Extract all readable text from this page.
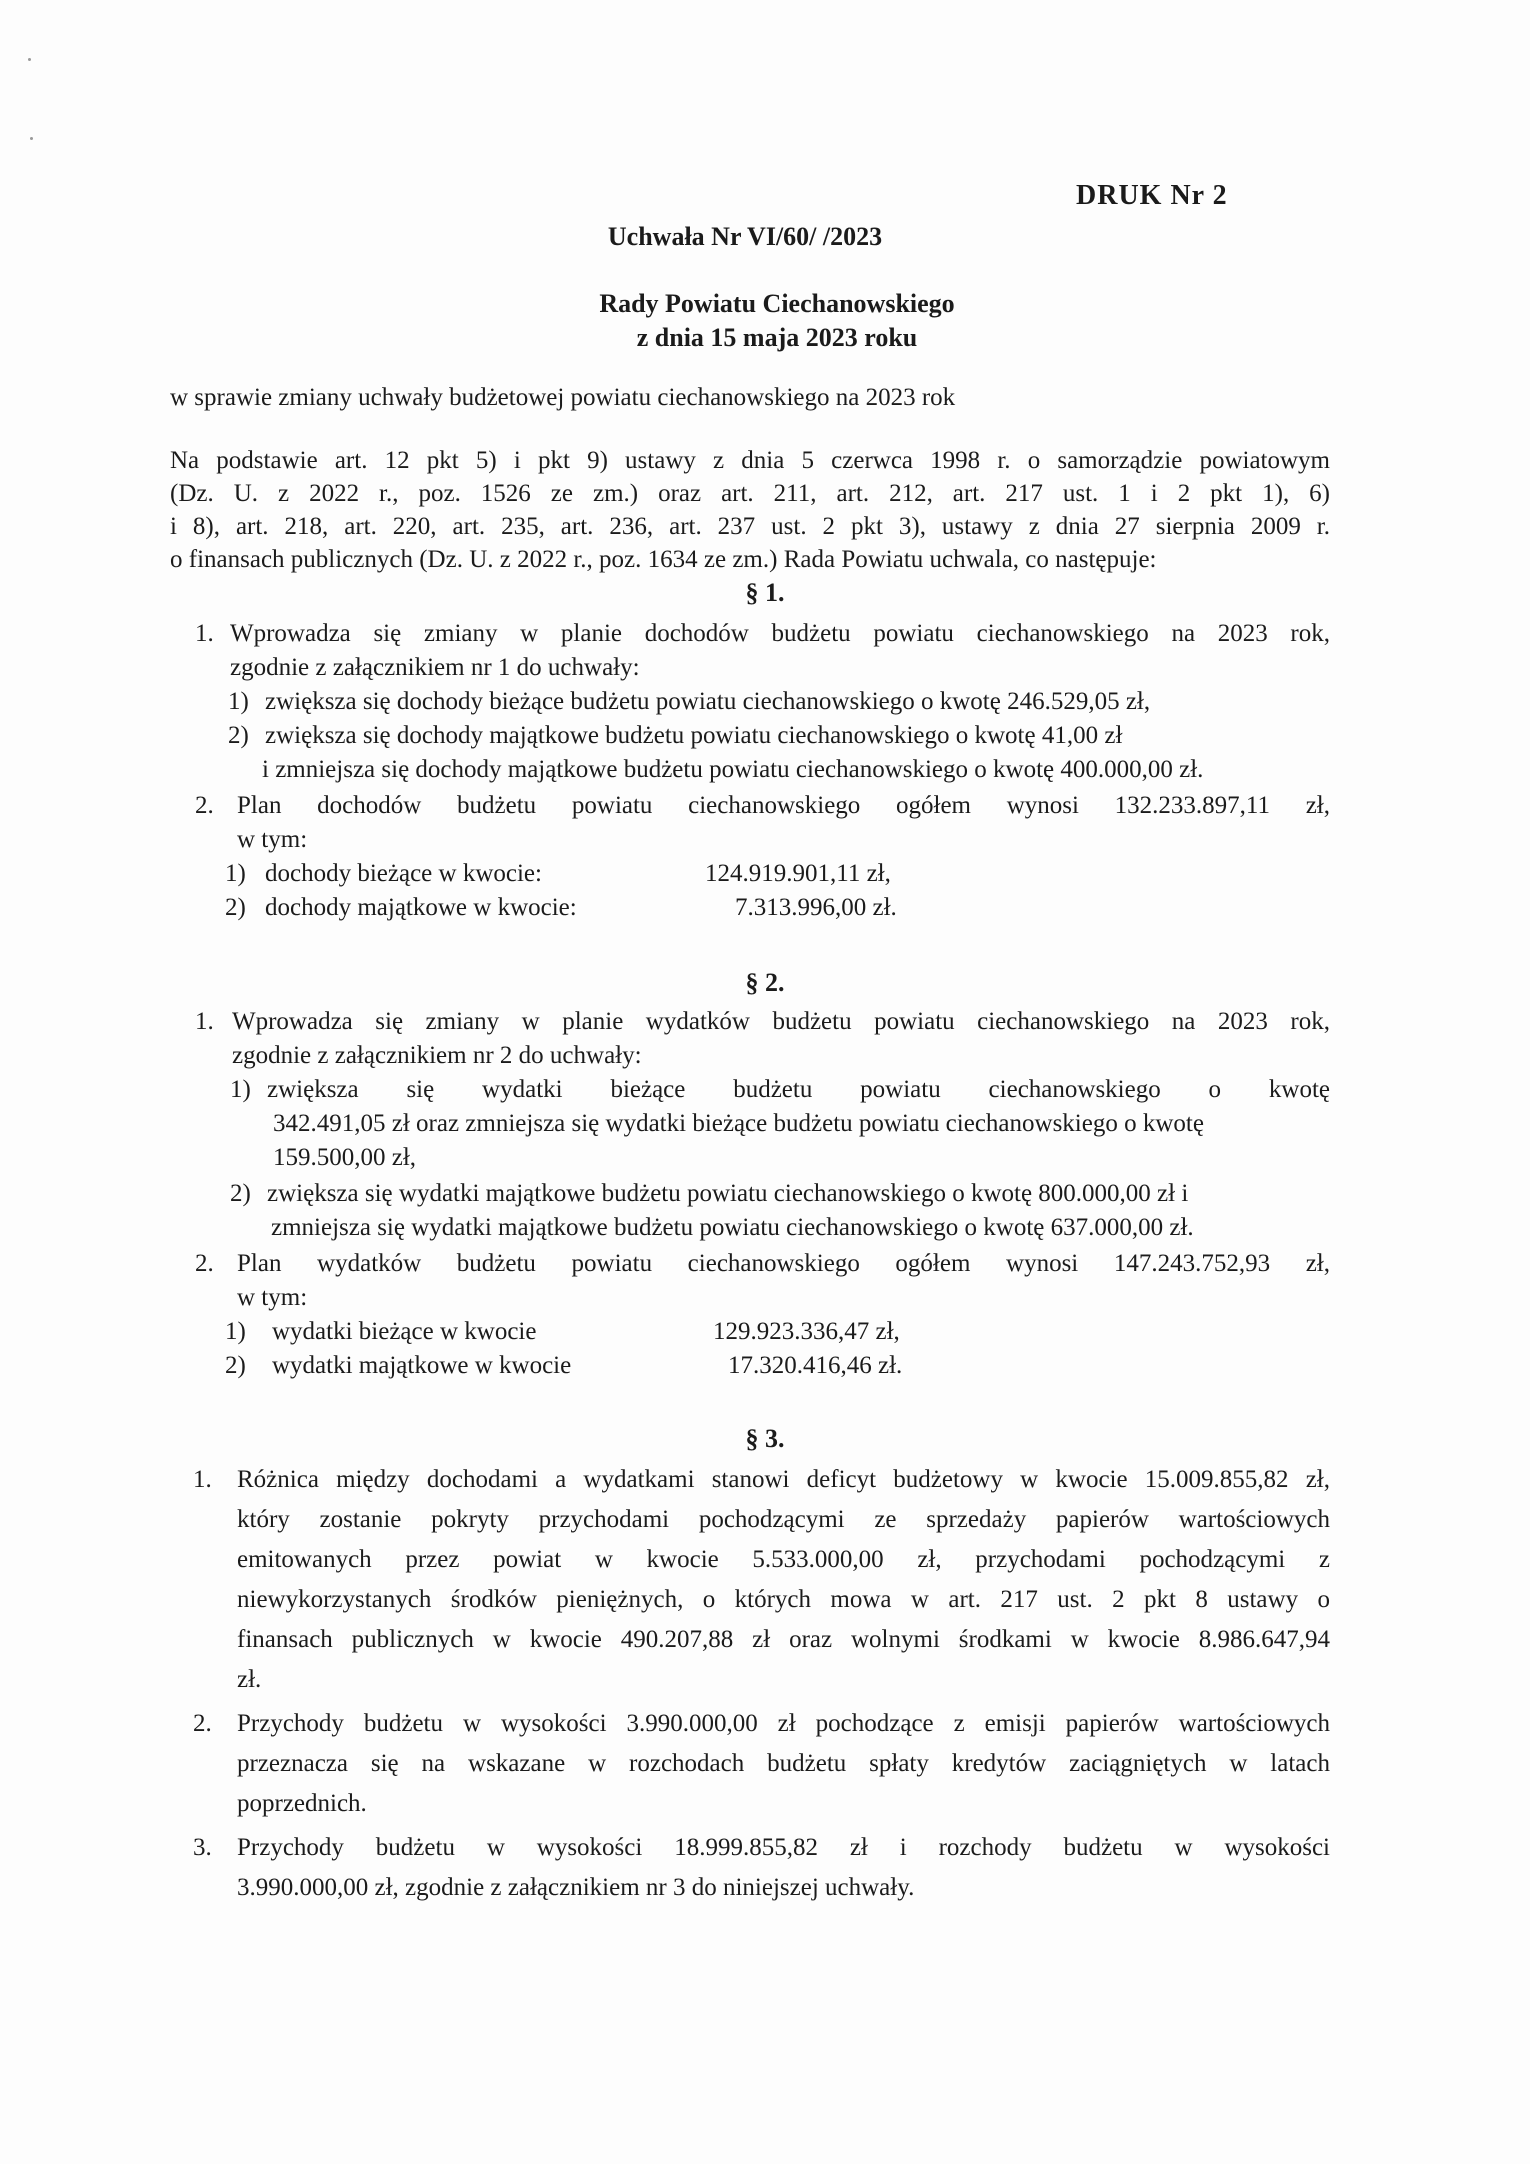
DRUK Nr 2
Uchwała Nr VI/60/ /2023
Rady Powiatu Ciechanowskiego
z dnia 15 maja 2023 roku
w sprawie zmiany uchwały budżetowej powiatu ciechanowskiego na 2023 rok
Na podstawie art. 12 pkt 5) i pkt 9) ustawy z dnia 5 czerwca 1998 r. o samorządzie powiatowym
(Dz. U. z 2022 r., poz. 1526 ze zm.) oraz art. 211, art. 212, art. 217 ust. 1 i 2 pkt 1), 6)
i 8), art. 218, art. 220, art. 235, art. 236, art. 237 ust. 2 pkt 3), ustawy z dnia 27 sierpnia 2009 r.
o finansach publicznych (Dz. U. z 2022 r., poz. 1634 ze zm.) Rada Powiatu uchwala, co następuje:
§ 1.
1. Wprowadza się zmiany w planie dochodów budżetu powiatu ciechanowskiego na 2023 rok,
zgodnie z załącznikiem nr 1 do uchwały:
1) zwiększa się dochody bieżące budżetu powiatu ciechanowskiego o kwotę 246.529,05 zł,
2) zwiększa się dochody majątkowe budżetu powiatu ciechanowskiego o kwotę 41,00 zł
i zmniejsza się dochody majątkowe budżetu powiatu ciechanowskiego o kwotę 400.000,00 zł.
2. Plan dochodów budżetu powiatu ciechanowskiego ogółem wynosi 132.233.897,11 zł,
w tym:
1) dochody bieżące w kwocie:	124.919.901,11 zł,
2) dochody majątkowe w kwocie:	7.313.996,00 zł.
§ 2.
1. Wprowadza się zmiany w planie wydatków budżetu powiatu ciechanowskiego na 2023 rok,
zgodnie z załącznikiem nr 2 do uchwały:
1) zwiększa się wydatki bieżące budżetu powiatu ciechanowskiego o kwotę
342.491,05 zł oraz zmniejsza się wydatki bieżące budżetu powiatu ciechanowskiego o kwotę
159.500,00 zł,
2) zwiększa się wydatki majątkowe budżetu powiatu ciechanowskiego o kwotę 800.000,00 zł i
zmniejsza się wydatki majątkowe budżetu powiatu ciechanowskiego o kwotę 637.000,00 zł.
2. Plan wydatków budżetu powiatu ciechanowskiego ogółem wynosi 147.243.752,93 zł,
w tym:
1) wydatki bieżące w kwocie	129.923.336,47 zł,
2) wydatki majątkowe w kwocie	17.320.416,46 zł.
§ 3.
1. Różnica między dochodami a wydatkami stanowi deficyt budżetowy w kwocie 15.009.855,82 zł,
który zostanie pokryty przychodami pochodzącymi ze sprzedaży papierów wartościowych
emitowanych przez powiat w kwocie 5.533.000,00 zł, przychodami pochodzącymi z
niewykorzystanych środków pieniężnych, o których mowa w art. 217 ust. 2 pkt 8 ustawy o
finansach publicznych w kwocie 490.207,88 zł oraz wolnymi środkami w kwocie 8.986.647,94
zł.
2. Przychody budżetu w wysokości 3.990.000,00 zł pochodzące z emisji papierów wartościowych
przeznacza się na wskazane w rozchodach budżetu spłaty kredytów zaciągniętych w latach
poprzednich.
3. Przychody budżetu w wysokości 18.999.855,82 zł i rozchody budżetu w wysokości
3.990.000,00 zł, zgodnie z załącznikiem nr 3 do niniejszej uchwały.
